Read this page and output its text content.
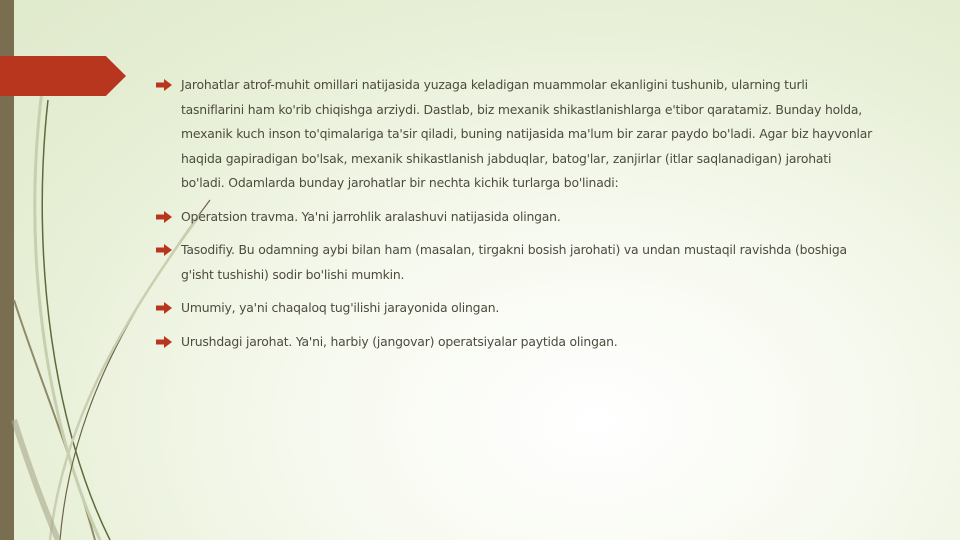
Jarohatlar atrof-muhit omillari natijasida yuzaga keladigan muammolar ekanligini tushunib, ularning turli
tasniflarini ham ko'rib chiqishga arziydi. Dastlab, biz mexanik shikastlanishlarga e'tibor qaratamiz. Bunday holda,
mexanik kuch inson to'qimalariga ta'sir qiladi, buning natijasida ma'lum bir zarar paydo bo'ladi. Agar biz hayvonlar
haqida gapiradigan bo'lsak, mexanik shikastlanish jabduqlar, batog'lar, zanjirlar (itlar saqlanadigan) jarohati
bo'ladi. Odamlarda bunday jarohatlar bir nechta kichik turlarga bo'linadi:
Operatsion travma. Ya'ni jarrohlik aralashuvi natijasida olingan.
Tasodifiy. Bu odamning aybi bilan ham (masalan, tirgakni bosish jarohati) va undan mustaqil ravishda (boshiga
g'isht tushishi) sodir bo'lishi mumkin.
Umumiy, ya'ni chaqaloq tug'ilishi jarayonida olingan.
Urushdagi jarohat. Ya'ni, harbiy (jangovar) operatsiyalar paytida olingan.
